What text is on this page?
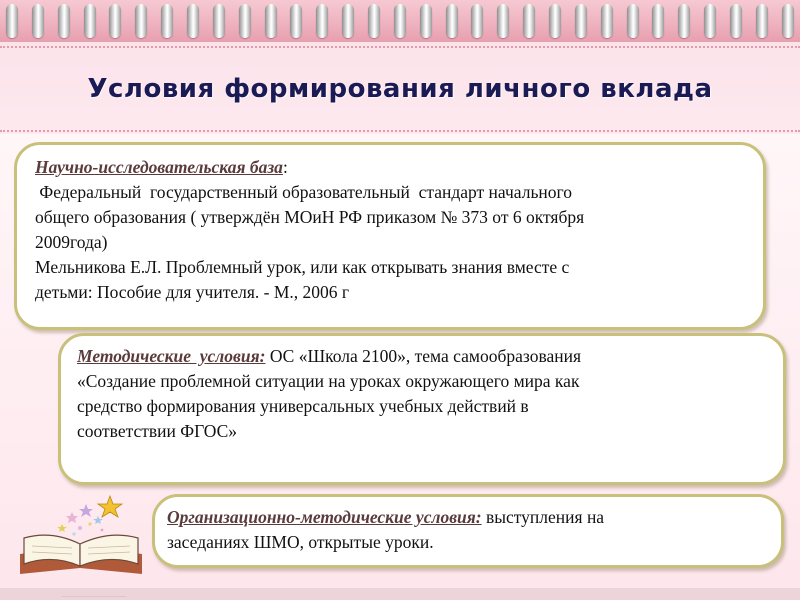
Условия формирования личного вклада
Научно-исследовательская база:
Федеральный  государственный образовательный  стандарт начального
общего образования ( утверждён МОиН РФ приказом № 373 от 6 октября
2009года)
Мельникова Е.Л. Проблемный урок, или как открывать знания вместе с
детьми: Пособие для учителя. - М., 2006 г
Методические  условия: ОС «Школа 2100», тема самообразования
«Создание проблемной ситуации на уроках окружающего мира как
средство формирования универсальных учебных действий в
соответствии ФГОС»
Организационно-методические условия: выступления на
заседаниях ШМО, открытые уроки.
________________
